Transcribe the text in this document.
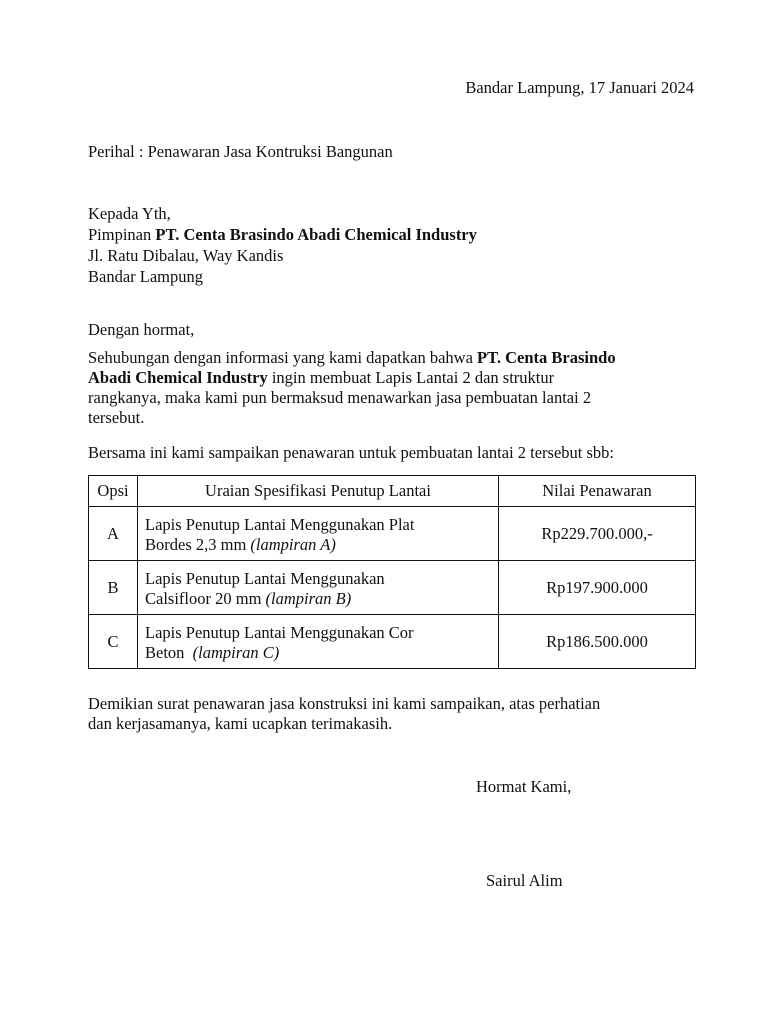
Bandar Lampung, 17 Januari 2024
Perihal : Penawaran Jasa Kontruksi Bangunan
Kepada Yth,
Pimpinan PT. Centa Brasindo Abadi Chemical Industry
Jl. Ratu Dibalau, Way Kandis
Bandar Lampung
Dengan hormat,
Sehubungan dengan informasi yang kami dapatkan bahwa PT. Centa Brasindo
Abadi Chemical Industry ingin membuat Lapis Lantai 2 dan struktur
rangkanya, maka kami pun bermaksud menawarkan jasa pembuatan lantai 2
tersebut.
Bersama ini kami sampaikan penawaran untuk pembuatan lantai 2 tersebut sbb:
Opsi	Uraian Spesifikasi Penutup Lantai	Nilai Penawaran
A	Lapis Penutup Lantai Menggunakan Plat
Bordes 2,3 mm (lampiran A)	Rp229.700.000,-
B	Lapis Penutup Lantai Menggunakan
Calsifloor 20 mm (lampiran B)	Rp197.900.000
C	Lapis Penutup Lantai Menggunakan Cor
Beton  (lampiran C)	Rp186.500.000
Demikian surat penawaran jasa konstruksi ini kami sampaikan, atas perhatian
dan kerjasamanya, kami ucapkan terimakasih.
Hormat Kami,
Sairul Alim
